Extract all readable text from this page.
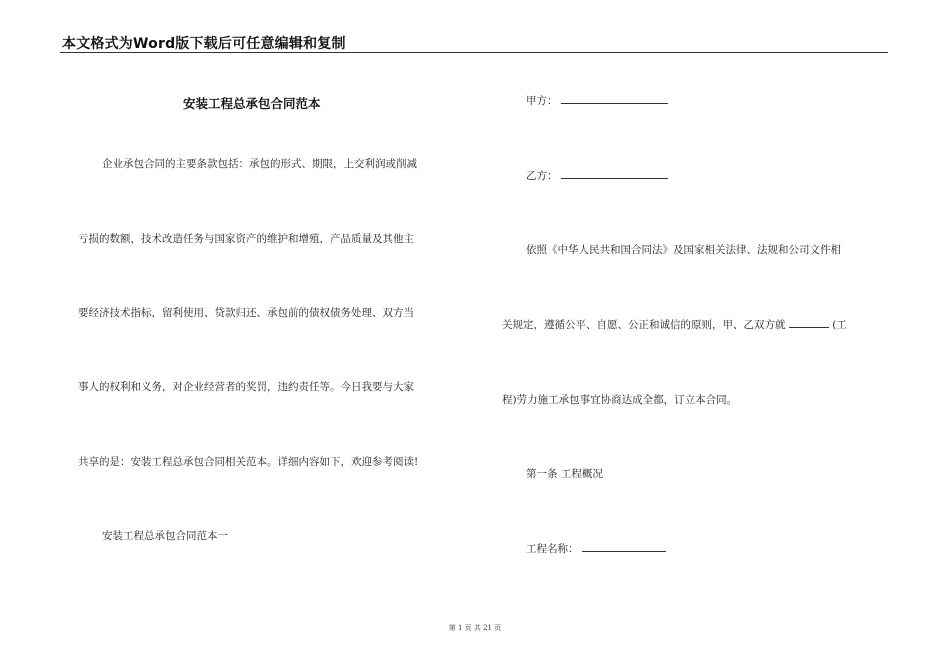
本文格式为Word版下载后可任意编辑和复制
安装工程总承包合同范本
企业承包合同的主要条款包括：承包的形式、期限，上交利润或削减
亏损的数额，技术改造任务与国家资产的维护和增殖，产品质量及其他主
要经济技术指标，留利使用、贷款归还、承包前的债权债务处理、双方当
事人的权利和义务，对企业经营者的奖罚，违约责任等。今日我要与大家
共享的是：安装工程总承包合同相关范本。详细内容如下，欢迎参考阅读!
安装工程总承包合同范本一
甲方：
乙方：
依照《中华人民共和国合同法》及国家相关法律、法规和公司文件相
关规定，遵循公平、自愿、公正和诚信的原则，甲、乙双方就	(工
程)劳力施工承包事宜协商达成全都，订立本合同。
第一条 工程概况
工程名称：
第 1 页 共 21 页
